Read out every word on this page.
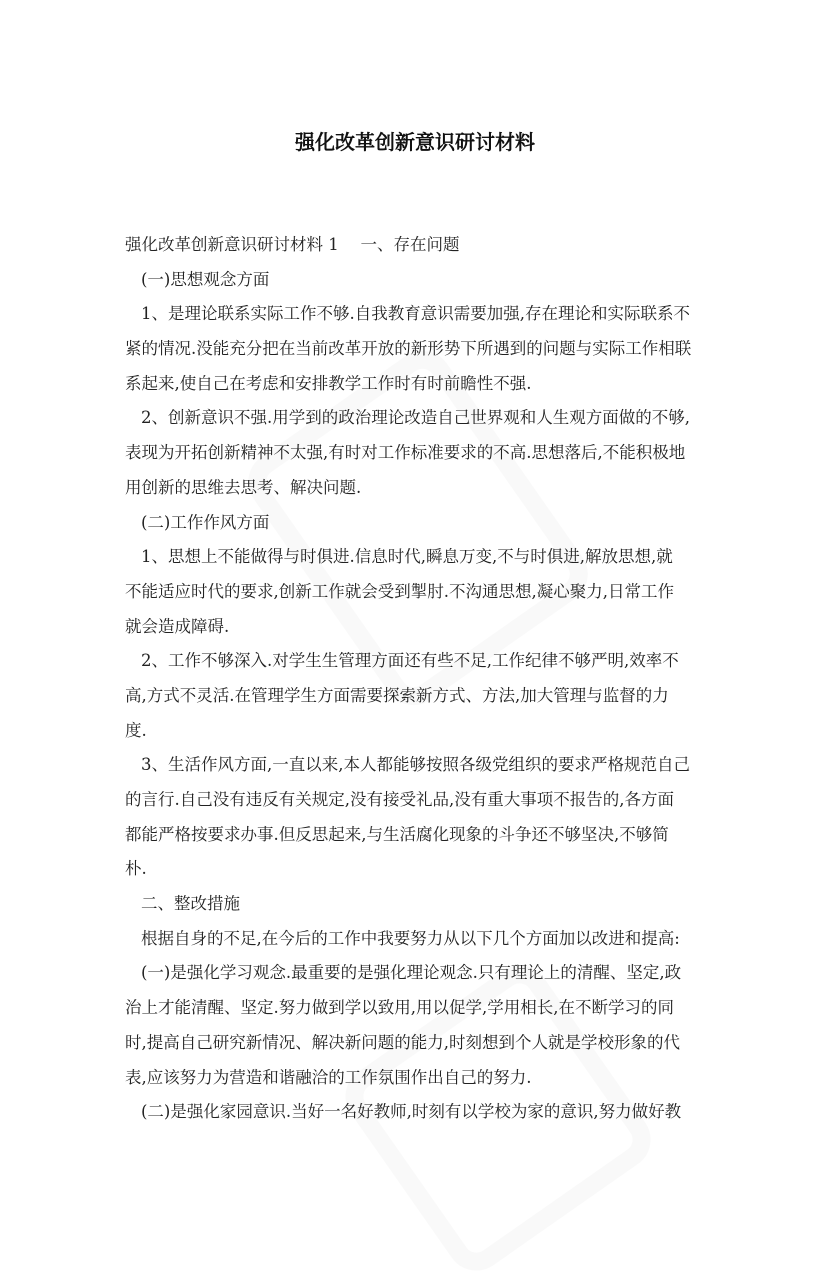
强化改革创新意识研讨材料
强化改革创新意识研讨材料 1　 一、存在问题
(一)思想观念方面
1、是理论联系实际工作不够.自我教育意识需要加强,存在理论和实际联系不
紧的情况.没能充分把在当前改革开放的新形势下所遇到的问题与实际工作相联
系起来,使自己在考虑和安排教学工作时有时前瞻性不强.
2、创新意识不强.用学到的政治理论改造自己世界观和人生观方面做的不够,
表现为开拓创新精神不太强,有时对工作标准要求的不高.思想落后,不能积极地
用创新的思维去思考、解决问题.
(二)工作作风方面
1、思想上不能做得与时俱进.信息时代,瞬息万变,不与时俱进,解放思想,就
不能适应时代的要求,创新工作就会受到掣肘.不沟通思想,凝心聚力,日常工作
就会造成障碍.
2、工作不够深入.对学生生管理方面还有些不足,工作纪律不够严明,效率不
高,方式不灵活.在管理学生方面需要探索新方式、方法,加大管理与监督的力
度.
3、生活作风方面,一直以来,本人都能够按照各级党组织的要求严格规范自己
的言行.自己没有违反有关规定,没有接受礼品,没有重大事项不报告的,各方面
都能严格按要求办事.但反思起来,与生活腐化现象的斗争还不够坚决,不够简
朴.
二、整改措施
根据自身的不足,在今后的工作中我要努力从以下几个方面加以改进和提高:
(一)是强化学习观念.最重要的是强化理论观念.只有理论上的清醒、坚定,政
治上才能清醒、坚定.努力做到学以致用,用以促学,学用相长,在不断学习的同
时,提高自己研究新情况、解决新问题的能力,时刻想到个人就是学校形象的代
表,应该努力为营造和谐融洽的工作氛围作出自己的努力.
(二)是强化家园意识.当好一名好教师,时刻有以学校为家的意识,努力做好教
